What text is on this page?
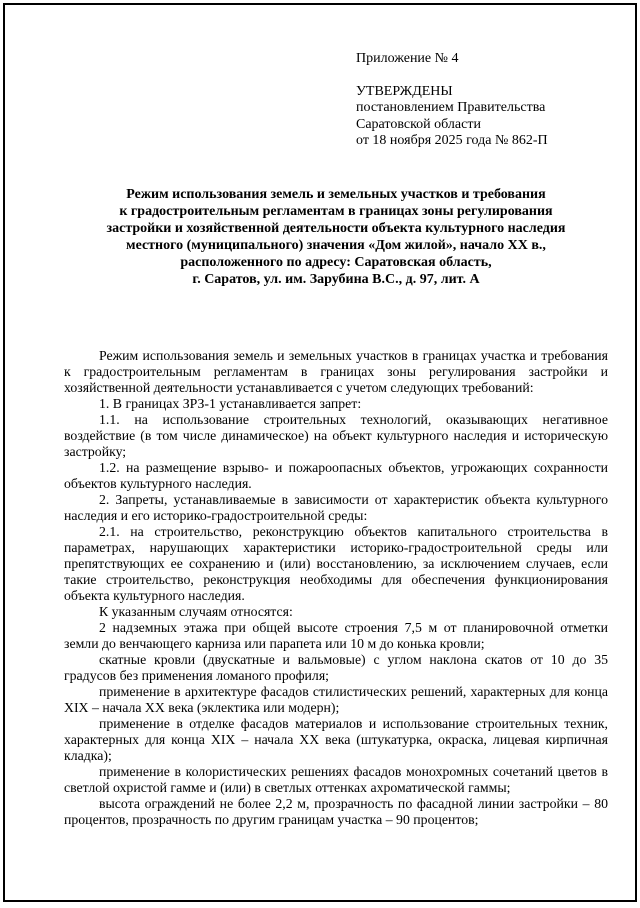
Приложение № 4
УТВЕРЖДЕНЫ
постановлением Правительства
Саратовской области
от 18 ноября 2025 года № 862-П
Режим использования земель и земельных участков и требования
к градостроительным регламентам в границах зоны регулирования
застройки и хозяйственной деятельности объекта культурного наследия
местного (муниципального) значения «Дом жилой», начало XX в.,
расположенного по адресу: Саратовская область,
г. Саратов, ул. им. Зарубина В.С., д. 97, лит. А

Режим использования земель и земельных участков в границах участка и требования к градостроительным регламентам в границах зоны регулирования застройки и хозяйственной деятельности устанавливается с учетом следующих требований:

1. В границах ЗРЗ-1 устанавливается запрет:

1.1. на использование строительных технологий, оказывающих негативное воздействие (в том числе динамическое) на объект культурного наследия и историческую застройку;

1.2. на размещение взрыво- и пожароопасных объектов, угрожающих сохранности объектов культурного наследия.

2. Запреты, устанавливаемые в зависимости от характеристик объекта культурного наследия и его историко-градостроительной среды:

2.1. на строительство, реконструкцию объектов капитального строительства в параметрах, нарушающих характеристики историко-градостроительной среды или препятствующих ее сохранению и (или) восстановлению, за исключением случаев, если такие строительство, реконструкция необходимы для обеспечения функционирования объекта культурного наследия.

К указанным случаям относятся:

2 надземных этажа при общей высоте строения 7,5 м от планировочной отметки земли до венчающего карниза или парапета или 10 м до конька кровли;

скатные кровли (двускатные и вальмовые) с углом наклона скатов от 10 до 35 градусов без применения ломаного профиля;

применение в архитектуре фасадов стилистических решений, характерных для конца XIX – начала XX века (эклектика или модерн);

применение в отделке фасадов материалов и использование строительных техник, характерных для конца XIX – начала XX века (штукатурка, окраска, лицевая кирпичная кладка);

применение в колористических решениях фасадов монохромных сочетаний цветов в светлой охристой гамме и (или) в светлых оттенках ахроматической гаммы;

высота ограждений не более 2,2 м, прозрачность по фасадной линии застройки – 80 процентов, прозрачность по другим границам участка – 90 процентов;
